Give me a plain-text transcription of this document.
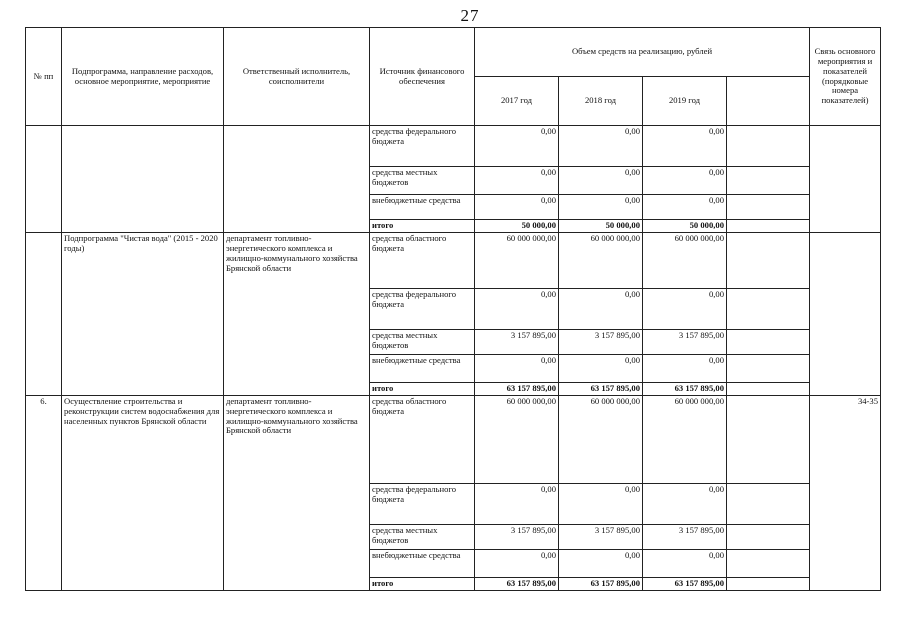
27
№ пп	Подпрограмма, направление расходов, основное мероприятие, мероприятие	Ответственный исполнитель, соисполнители	Источник финансового обеспечения	Объем средств на реализацию, рублей				Связь основного мероприятия и показателей (порядковые номера показателей)
				2017 год	2018 год	2019 год		
			средства федерального бюджета	0,00	0,00	0,00		
			средства местных бюджетов	0,00	0,00	0,00		
			внебюджетные средства	0,00	0,00	0,00		
			итого	50 000,00	50 000,00	50 000,00		
	Подпрограмма "Чистая вода" (2015 - 2020 годы)	департамент топливно-энергетического комплекса и жилищно-коммунального хозяйства Брянской области	средства областного бюджета	60 000 000,00	60 000 000,00	60 000 000,00		
			средства федерального бюджета	0,00	0,00	0,00		
			средства местных бюджетов	3 157 895,00	3 157 895,00	3 157 895,00		
			внебюджетные средства	0,00	0,00	0,00		
			итого	63 157 895,00	63 157 895,00	63 157 895,00		
6.	Осуществление строительства и реконструкции систем водоснабжения для населенных пунктов Брянской области	департамент топливно-энергетического комплекса и жилищно-коммунального хозяйства Брянской области	средства областного бюджета	60 000 000,00	60 000 000,00	60 000 000,00		34-35
			средства федерального бюджета	0,00	0,00	0,00		
			средства местных бюджетов	3 157 895,00	3 157 895,00	3 157 895,00		
			внебюджетные средства	0,00	0,00	0,00		
			итого	63 157 895,00	63 157 895,00	63 157 895,00		
